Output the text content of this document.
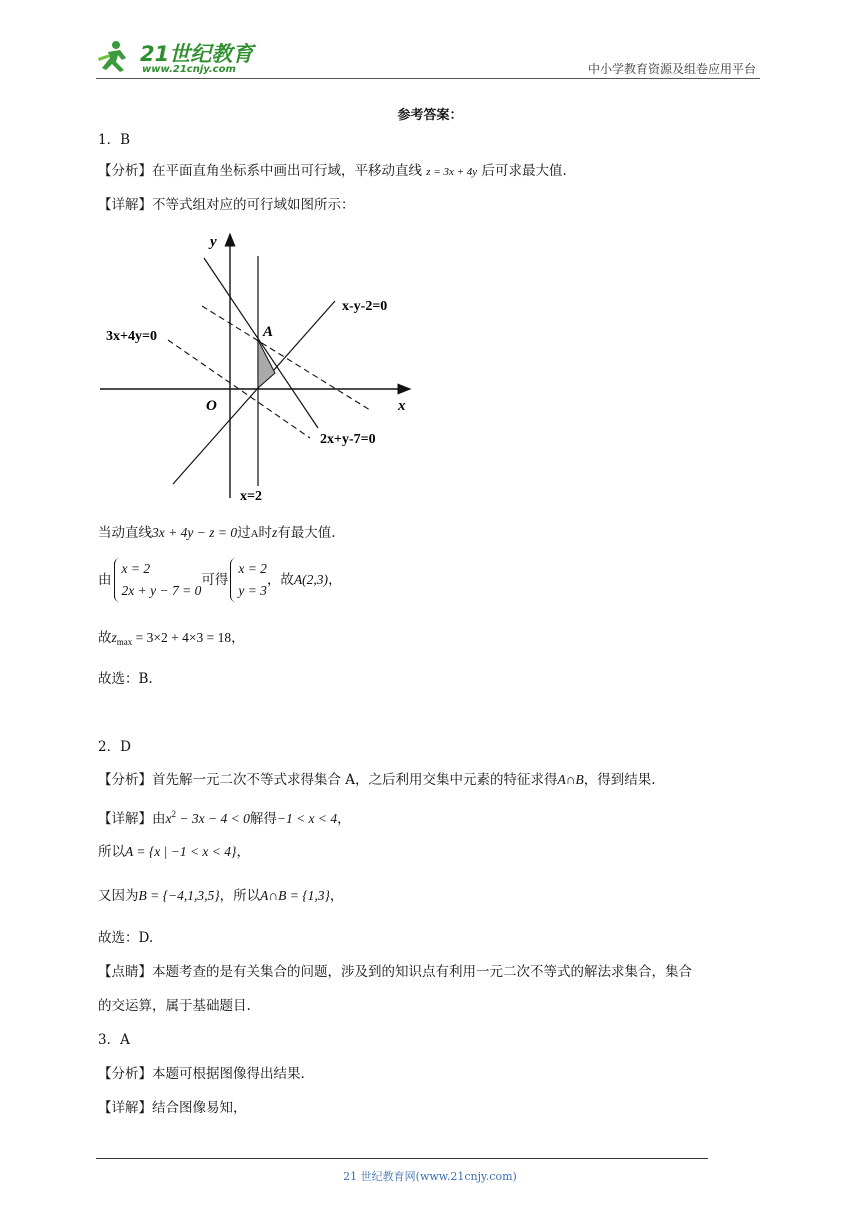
21世纪教育
www.21cnjy.com	中小学教育资源及组卷应用平台
参考答案：
1．B
【分析】在平面直角坐标系中画出可行域，平移动直线 z = 3x + 4y 后可求最大值.
【详解】不等式组对应的可行域如图所示：
y
x
O
A
x-y-2=0
3x+4y=0
2x+y-7=0
x=2
当动直线3x + 4y − z = 0过A时z有最大值.
由
x = 2
2x + y − 7 = 0
可得
x = 2
y = 3
，故A(2,3)，
故$z_{max} = 3\times 2 + 4\times 3 = 18$，
故选：B.
2．D
【分析】首先解一元二次不等式求得集合 A，之后利用交集中元素的特征求得A∩B，得到结果.
【详解】由$x^2 - 3x - 4 < 0$解得−1 < x < 4，
所以A = {x | −1 < x < 4}，
又因为B = {−4,1,3,5}，所以A∩B = {1,3}，
故选：D.
【点睛】本题考查的是有关集合的问题，涉及到的知识点有利用一元二次不等式的解法求集合，集合
的交运算，属于基础题目.
3．A
【分析】本题可根据图像得出结果.
【详解】结合图像易知，
21 世纪教育网(www.21cnjy.com)
